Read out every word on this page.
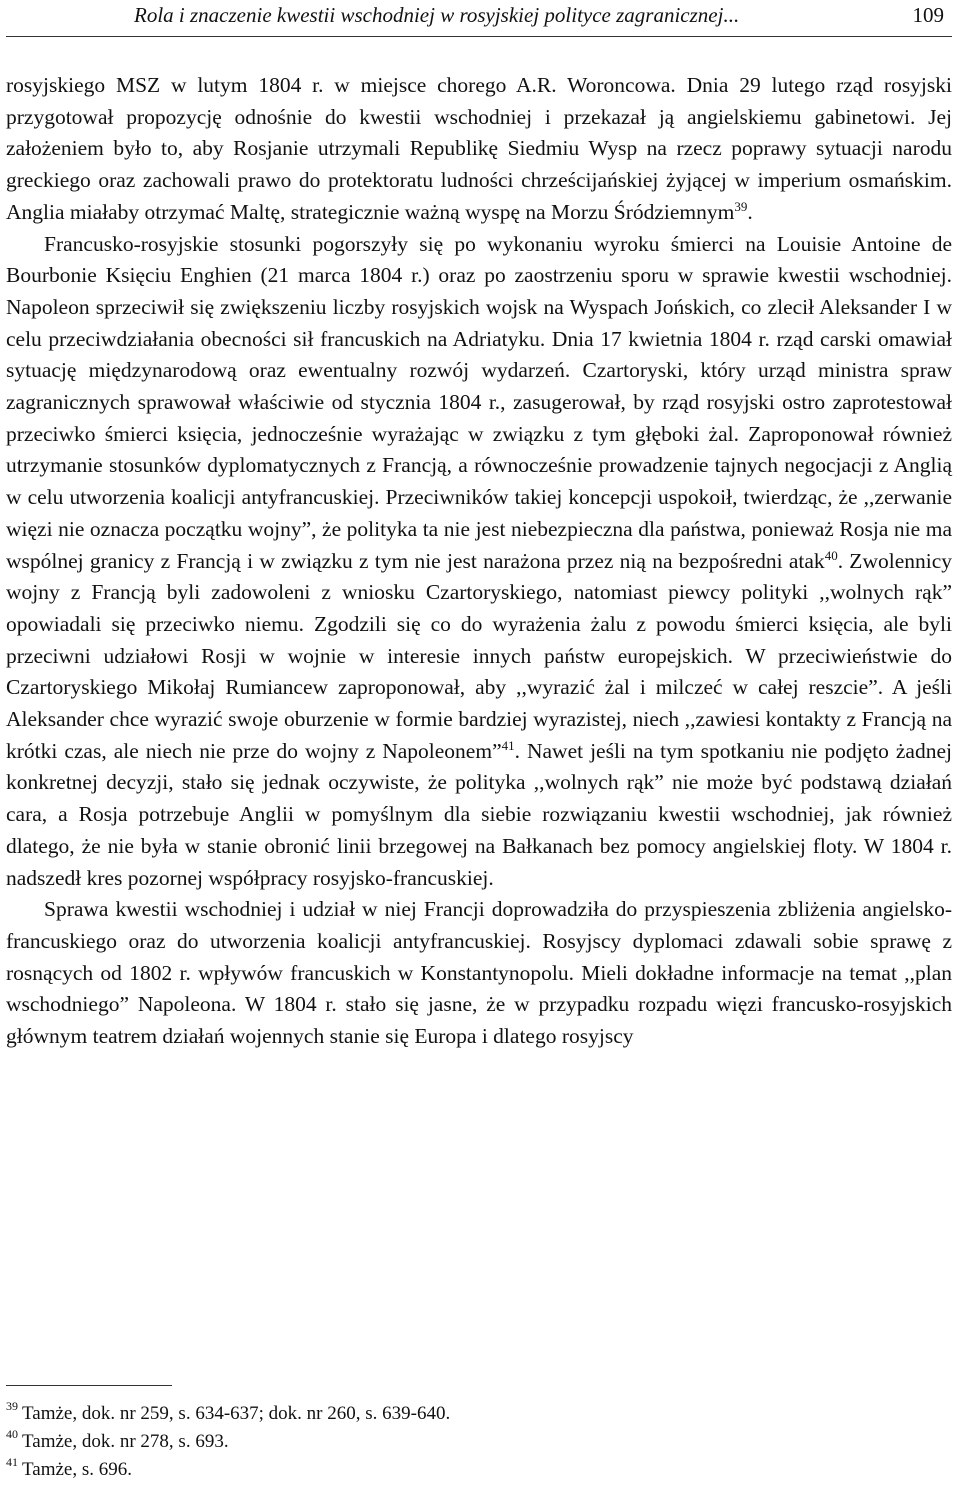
Rola i znaczenie kwestii wschodniej w rosyjskiej polityce zagranicznej...	109

rosyjskiego MSZ w lutym 1804 r. w miejsce chorego A.R. Woroncowa. Dnia 29 lutego rząd rosyjski przygotował propozycję odnośnie do kwestii wschodniej i przekazał ją angielskiemu gabinetowi. Jej założeniem było to, aby Rosjanie utrzymali Republikę Siedmiu Wysp na rzecz poprawy sytuacji narodu greckiego oraz zachowali prawo do protektoratu ludności chrześcijańskiej żyjącej w imperium osmańskim. Anglia miałaby otrzymać Maltę, strategicznie ważną wyspę na Morzu Śródziemnym$^{39}$.

Francusko-rosyjskie stosunki pogorszyły się po wykonaniu wyroku śmierci na Louisie Antoine de Bourbonie Księciu Enghien (21 marca 1804 r.) oraz po zaostrzeniu sporu w sprawie kwestii wschodniej. Napoleon sprzeciwił się zwiększeniu liczby rosyjskich wojsk na Wyspach Jońskich, co zlecił Aleksander I w celu przeciwdziałania obecności sił francuskich na Adriatyku. Dnia 17 kwietnia 1804 r. rząd carski omawiał sytuację międzynarodową oraz ewentualny rozwój wydarzeń. Czartoryski, który urząd ministra spraw zagranicznych sprawował właściwie od stycznia 1804 r., zasugerował, by rząd rosyjski ostro zaprotestował przeciwko śmierci księcia, jednocześnie wyrażając w związku z tym głęboki żal. Zaproponował również utrzymanie stosunków dyplomatycznych z Francją, a równocześnie prowadzenie tajnych negocjacji z Anglią w celu utworzenia koalicji antyfrancuskiej. Przeciwników takiej koncepcji uspokoił, twierdząc, że ,,zerwanie więzi nie oznacza początku wojny”, że polityka ta nie jest niebezpieczna dla państwa, ponieważ Rosja nie ma wspólnej granicy z Francją i w związku z tym nie jest narażona przez nią na bezpośredni atak$^{40}$. Zwolennicy wojny z Francją byli zadowoleni z wniosku Czartoryskiego, natomiast piewcy polityki ,,wolnych rąk” opowiadali się przeciwko niemu. Zgodzili się co do wyrażenia żalu z powodu śmierci księcia, ale byli przeciwni udziałowi Rosji w wojnie w interesie innych państw europejskich. W przeciwieństwie do Czartoryskiego Mikołaj Rumiancew zaproponował, aby ,,wyrazić żal i milczeć w całej reszcie”. A jeśli Aleksander chce wyrazić swoje oburzenie w formie bardziej wyrazistej, niech ,,zawiesi kontakty z Francją na krótki czas, ale niech nie prze do wojny z Napoleonem”$^{41}$. Nawet jeśli na tym spotkaniu nie podjęto żadnej konkretnej decyzji, stało się jednak oczywiste, że polityka ,,wolnych rąk” nie może być podstawą działań cara, a Rosja potrzebuje Anglii w pomyślnym dla siebie rozwiązaniu kwestii wschodniej, jak również dlatego, że nie była w stanie obronić linii brzegowej na Bałkanach bez pomocy angielskiej floty. W 1804 r. nadszedł kres pozornej współpracy rosyjsko-francuskiej.

Sprawa kwestii wschodniej i udział w niej Francji doprowadziła do przyspieszenia zbliżenia angielsko-francuskiego oraz do utworzenia koalicji antyfrancuskiej. Rosyjscy dyplomaci zdawali sobie sprawę z rosnących od 1802 r. wpływów francuskich w Konstantynopolu. Mieli dokładne informacje na temat ,,plan wschodniego” Napoleona. W 1804 r. stało się jasne, że w przypadku rozpadu więzi francusko-rosyjskich głównym teatrem działań wojennych stanie się Europa i dlatego rosyjscy

$^{39}$ Tamże, dok. nr 259, s. 634-637; dok. nr 260, s. 639-640.
$^{40}$ Tamże, dok. nr 278, s. 693.
$^{41}$ Tamże, s. 696.
